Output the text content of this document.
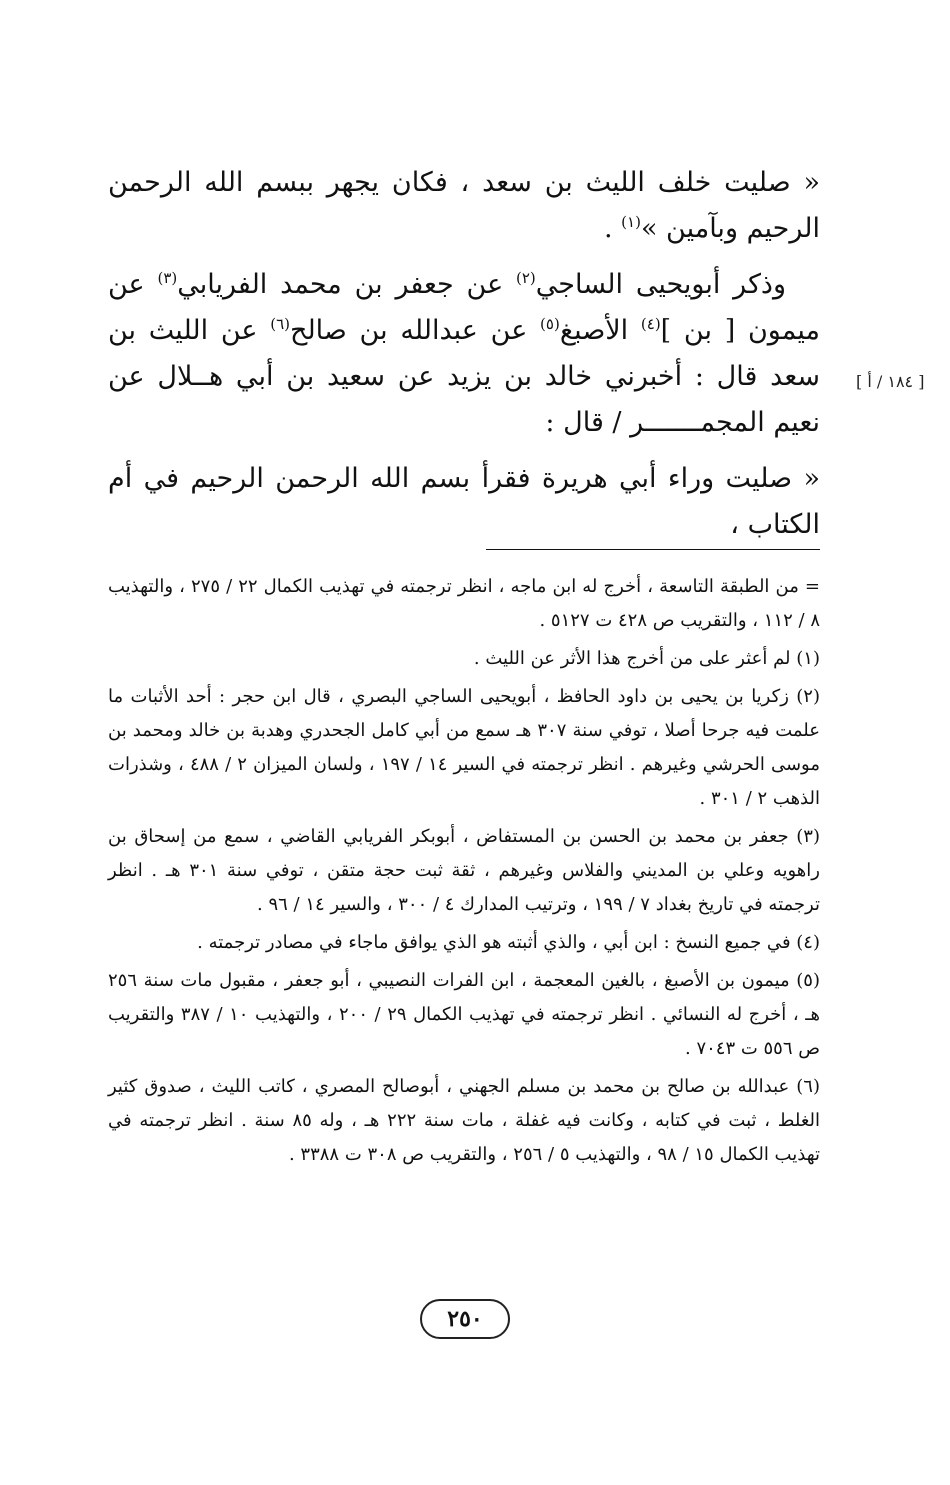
[ ١٨٤ / أ ]

« صليت خلف الليث بن سعد ، فكان يجهر ببسم الله الرحمن الرحيم وبآمين »$^{(١)}$ .

وذكر أبويحيى الساجي$^{(٢)}$ عن جعفر بن محمد الفريابي$^{(٣)}$ عن ميمون [ بن ]$^{(٤)}$ الأصبغ$^{(٥)}$ عن عبدالله بن صالح$^{(٦)}$ عن الليث بن سعد قال : أخبرني خالد بن يزيد عن سعيد بن أبي هــلال عن نعيم المجمـــــــر / قال :

« صليت وراء أبي هريرة فقرأ بسم الله الرحمن الرحيم في أم الكتاب ،

= من الطبقة التاسعة ، أخرج له ابن ماجه ، انظر ترجمته في تهذيب الكمال ٢٢ / ٢٧٥ ، والتهذيب ٨ / ١١٢ ، والتقريب ص ٤٢٨ ت ٥١٢٧ .

(١) لم أعثر على من أخرج هذا الأثر عن الليث .

(٢) زكريا بن يحيى بن داود الحافظ ، أبويحيى الساجي البصري ، قال ابن حجر : أحد الأثبات ما علمت فيه جرحا أصلا ، توفي سنة ٣٠٧ هـ سمع من أبي كامل الجحدري وهدبة بن خالد ومحمد بن موسى الحرشي وغيرهم . انظر ترجمته في السير ١٤ / ١٩٧ ، ولسان الميزان ٢ / ٤٨٨ ، وشذرات الذهب ٢ / ٣٠١ .

(٣) جعفر بن محمد بن الحسن بن المستفاض ، أبوبكر الفريابي القاضي ، سمع من إسحاق بن راهويه وعلي بن المديني والفلاس وغيرهم ، ثقة ثبت حجة متقن ، توفي سنة ٣٠١ هـ . انظر ترجمته في تاريخ بغداد ٧ / ١٩٩ ، وترتيب المدارك ٤ / ٣٠٠ ، والسير ١٤ / ٩٦ .

(٤) في جميع النسخ : ابن أبي ، والذي أثبته هو الذي يوافق ماجاء في مصادر ترجمته .

(٥) ميمون بن الأصبغ ، بالغين المعجمة ، ابن الفرات النصيبي ، أبو جعفر ، مقبول مات سنة ٢٥٦ هـ ، أخرج له النسائي . انظر ترجمته في تهذيب الكمال ٢٩ / ٢٠٠ ، والتهذيب ١٠ / ٣٨٧ والتقريب ص ٥٥٦ ت ٧٠٤٣ .

(٦) عبدالله بن صالح بن محمد بن مسلم الجهني ، أبوصالح المصري ، كاتب الليث ، صدوق كثير الغلط ، ثبت في كتابه ، وكانت فيه غفلة ، مات سنة ٢٢٢ هـ ، وله ٨٥ سنة . انظر ترجمته في تهذيب الكمال ١٥ / ٩٨ ، والتهذيب ٥ / ٢٥٦ ، والتقريب ص ٣٠٨ ت ٣٣٨٨ .

٢٥٠
